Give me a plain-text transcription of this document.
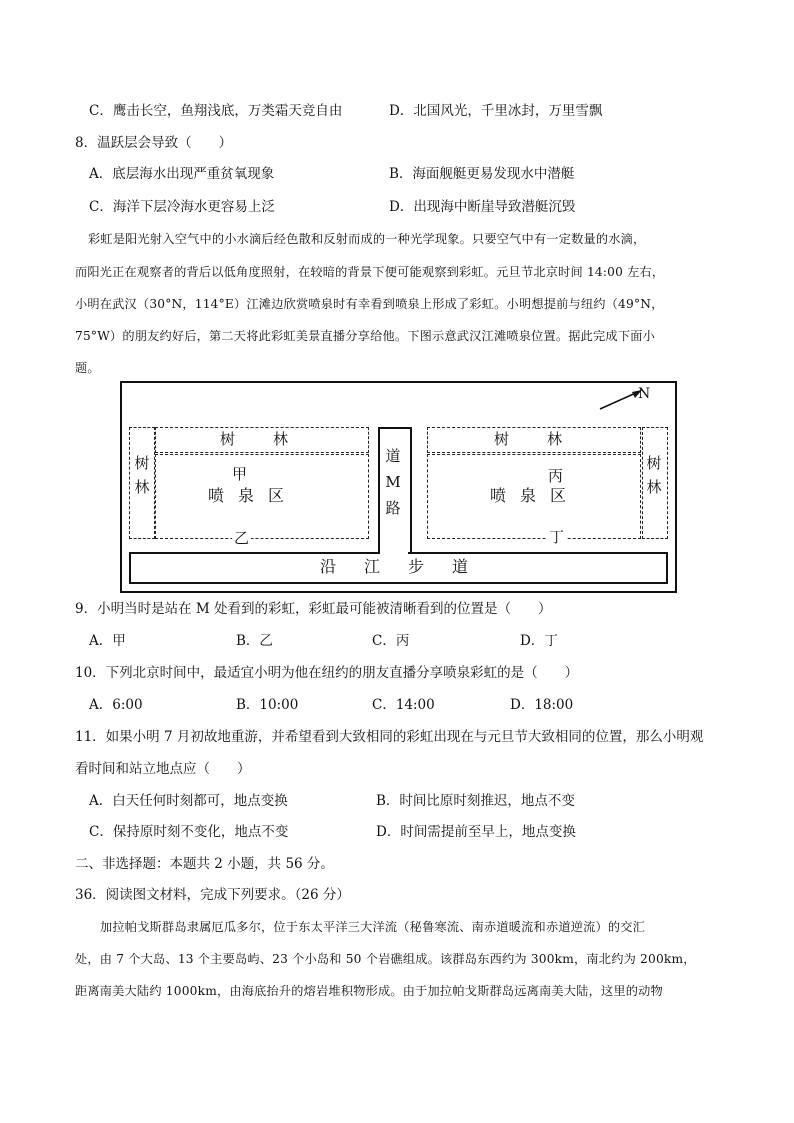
C．鹰击长空，鱼翔浅底，万类霜天竞自由	D．北国风光，千里冰封，万里雪飘
8．温跃层会导致（　　）
A．底层海水出现严重贫氧现象	B．海面舰艇更易发现水中潜艇
C．海洋下层冷海水更容易上泛	D．出现海中断崖导致潜艇沉毁
彩虹是阳光射入空气中的小水滴后经色散和反射而成的一种光学现象。只要空气中有一定数量的水滴，
而阳光正在观察者的背后以低角度照射，在较暗的背景下便可能观察到彩虹。元旦节北京时间 14:00 左右，
小明在武汉（30°N，114°E）江滩边欣赏喷泉时有幸看到喷泉上形成了彩虹。小明想提前与纽约（49°N，
75°W）的朋友约好后，第二天将此彩虹美景直播分享给他。下图示意武汉江滩喷泉位置。据此完成下面小
题。
N
树
林
树	林
甲
喷 泉 区
乙
道
M
路
树	林
丙
喷 泉 区
丁
树
林
沿 江 步 道
9．小明当时是站在 M 处看到的彩虹，彩虹最可能被清晰看到的位置是（　　）
A．甲	B．乙	C．丙	D．丁
10．下列北京时间中，最适宜小明为他在纽约的朋友直播分享喷泉彩虹的是（　　）
A．6:00	B．10:00	C．14:00	D．18:00
11．如果小明 7 月初故地重游，并希望看到大致相同的彩虹出现在与元旦节大致相同的位置，那么小明观
看时间和站立地点应（　　）
A．白天任何时刻都可，地点变换	B．时间比原时刻推迟，地点不变
C．保持原时刻不变化，地点不变	D．时间需提前至早上，地点变换
二、非选择题：本题共 2 小题，共 56 分。
36．阅读图文材料，完成下列要求。（26 分）
加拉帕戈斯群岛隶属厄瓜多尔，位于东太平洋三大洋流（秘鲁寒流、南赤道暖流和赤道逆流）的交汇
处，由 7 个大岛、13 个主要岛屿、23 个小岛和 50 个岩礁组成。该群岛东西约为 300km，南北约为 200km，
距离南美大陆约 1000km，由海底抬升的熔岩堆积物形成。由于加拉帕戈斯群岛远离南美大陆，这里的动物
